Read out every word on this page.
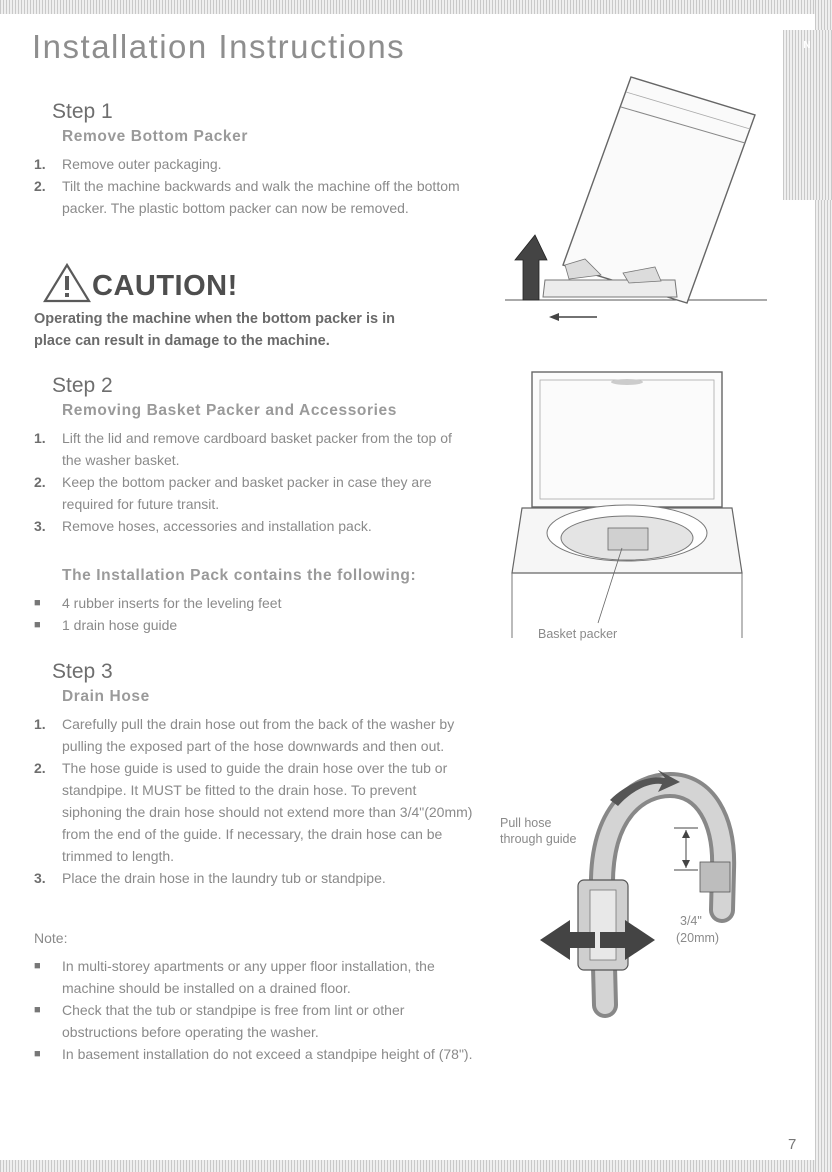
N
Installation Instructions
Step 1
Remove Bottom Packer
1.	Remove outer packaging.
2.	Tilt the machine backwards and walk the machine off the bottom packer. The plastic bottom packer can now be removed.
CAUTION!

Operating the machine when the bottom packer is in place can result in damage to the machine.

Step 2
Removing Basket Packer and Accessories
1.	Lift the lid and remove cardboard basket packer from the top of the washer basket.
2.	Keep the bottom packer and basket packer in case they are required for future transit.
3.	Remove hoses, accessories and installation pack.
The Installation Pack contains the following:
■	4 rubber inserts for the leveling feet
■	1 drain hose guide
Step 3
Drain Hose
1.	Carefully pull the drain hose out from the back of the washer by pulling the exposed part of the hose downwards and then out.
2.	The hose guide is used to guide the drain hose over the tub or standpipe. It MUST be fitted to the drain hose. To prevent siphoning the drain hose should not extend more than 3/4"(20mm) from the end of the guide. If necessary, the drain hose can be trimmed to length.
3.	Place the drain hose in the laundry tub or standpipe.

Note:

■	In multi-storey apartments or any upper floor installation, the machine should be installed on a drained floor.
■	Check that the tub or standpipe is free from lint or other obstructions before operating the washer.
■	In basement installation do not exceed a standpipe height of (78").
7
Basket packer
Pull hose through guide
3/4"
(20mm)
